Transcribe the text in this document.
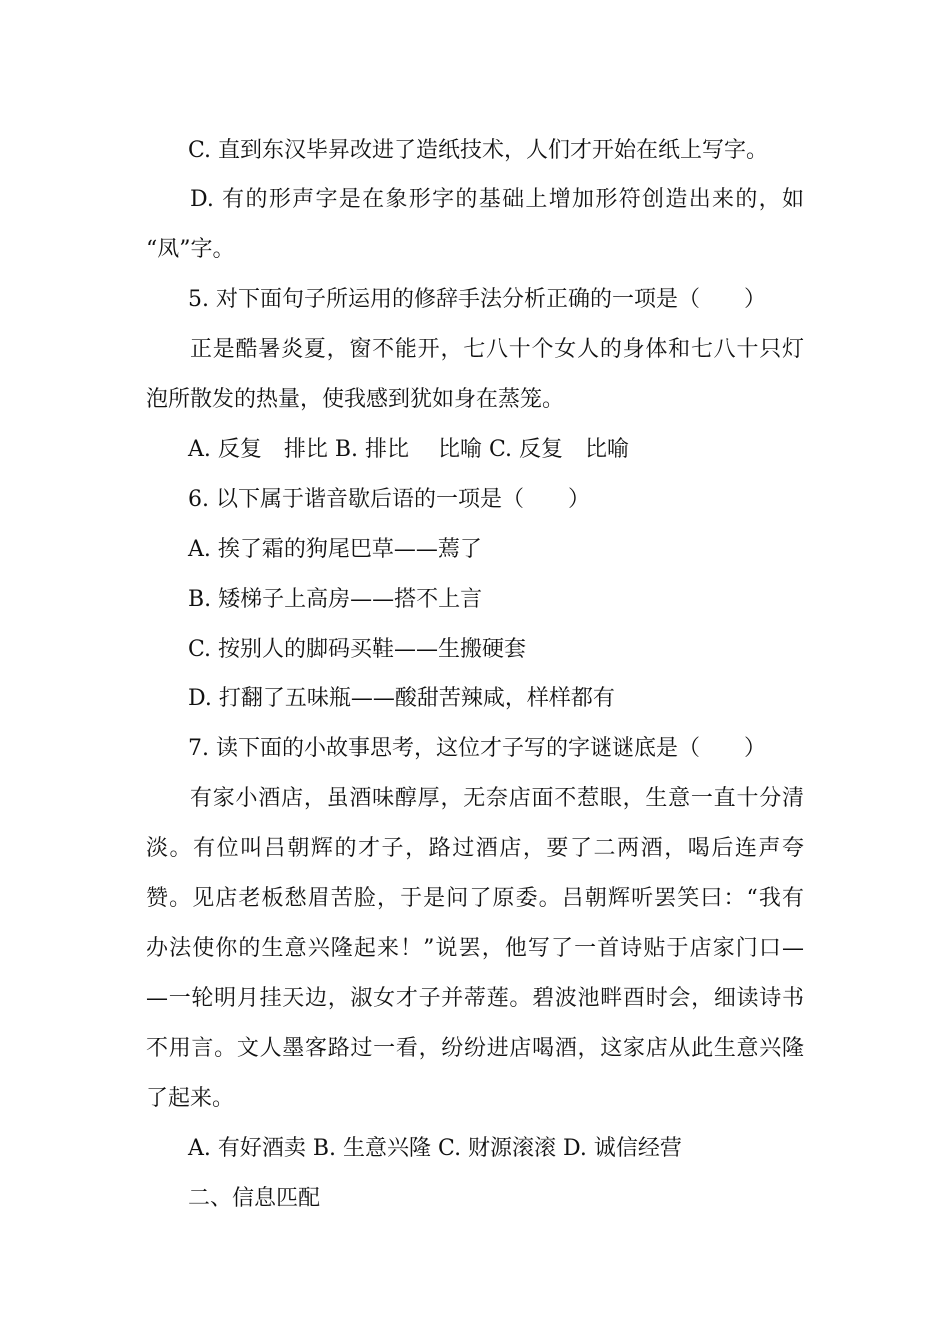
C. 直到东汉毕昇改进了造纸技术，人们才开始在纸上写字。
D. 有的形声字是在象形字的基础上增加形符创造出来的，如
“凤”字。
5. 对下面句子所运用的修辞手法分析正确的一项是（　　）
正是酷暑炎夏，窗不能开，七八十个女人的身体和七八十只灯
泡所散发的热量，使我感到犹如身在蒸笼。
A. 反复　排比 B. 排比　 比喻 C. 反复　比喻
6. 以下属于谐音歇后语的一项是（　　）
A. 挨了霜的狗尾巴草——蔫了
B. 矮梯子上高房——搭不上言
C. 按别人的脚码买鞋——生搬硬套
D. 打翻了五味瓶——酸甜苦辣咸，样样都有
7. 读下面的小故事思考，这位才子写的字谜谜底是（　　）
有家小酒店，虽酒味醇厚，无奈店面不惹眼，生意一直十分清
淡。有位叫吕朝辉的才子，路过酒店，要了二两酒，喝后连声夸
赞。见店老板愁眉苦脸，于是问了原委。吕朝辉听罢笑曰：“我有
办法使你的生意兴隆起来！”说罢，他写了一首诗贴于店家门口—
—一轮明月挂天边，淑女才子并蒂莲。碧波池畔酉时会，细读诗书
不用言。文人墨客路过一看，纷纷进店喝酒，这家店从此生意兴隆
了起来。
A. 有好酒卖 B. 生意兴隆 C. 财源滚滚 D. 诚信经营
二、信息匹配
